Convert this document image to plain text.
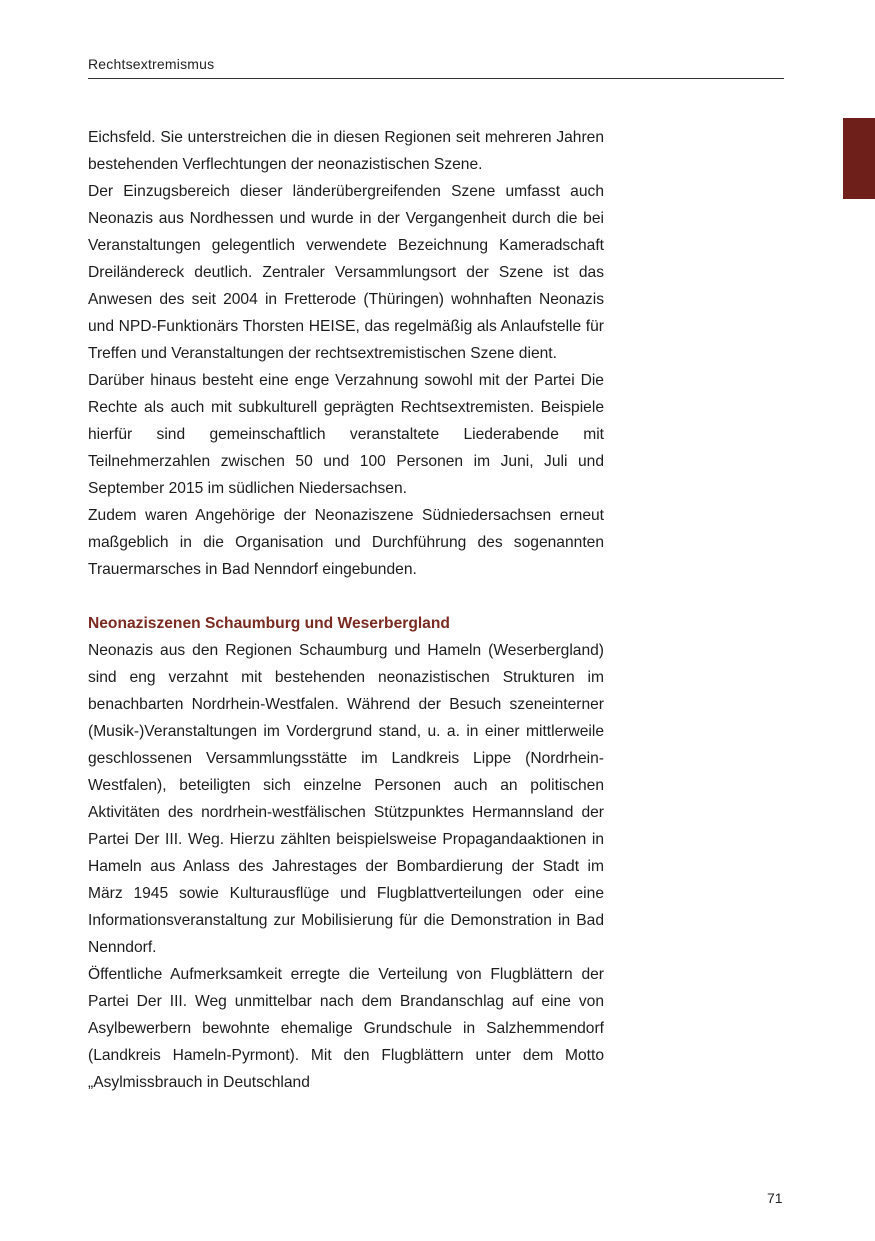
Rechtsextremismus

Eichsfeld. Sie unterstreichen die in diesen Regionen seit mehreren Jahren bestehenden Verflechtungen der neonazistischen Szene.

Der Einzugsbereich dieser länderübergreifenden Szene umfasst auch Neonazis aus Nordhessen und wurde in der Vergangenheit durch die bei Veranstaltungen gelegentlich verwendete Bezeichnung Kameradschaft Dreiländereck deutlich. Zentraler Versammlungsort der Szene ist das Anwesen des seit 2004 in Fretterode (Thüringen) wohnhaften Neonazis und NPD-Funktionärs Thorsten HEISE, das regelmäßig als Anlaufstelle für Treffen und Veranstaltungen der rechtsextremistischen Szene dient.

Darüber hinaus besteht eine enge Verzahnung sowohl mit der Partei Die Rechte als auch mit subkulturell geprägten Rechtsextremisten. Beispiele hierfür sind gemeinschaftlich veranstaltete Liederabende mit Teilnehmerzahlen zwischen 50 und 100 Personen im Juni, Juli und September 2015 im südlichen Niedersachsen.

Zudem waren Angehörige der Neonaziszene Südniedersachsen erneut maßgeblich in die Organisation und Durchführung des sogenannten Trauermarsches in Bad Nenndorf eingebunden.

Neonaziszenen Schaumburg und Weserbergland

Neonazis aus den Regionen Schaumburg und Hameln (Weserbergland) sind eng verzahnt mit bestehenden neonazistischen Strukturen im benachbarten Nordrhein-Westfalen. Während der Besuch szeneinterner (Musik-)Veranstaltungen im Vordergrund stand, u. a. in einer mittlerweile geschlossenen Versammlungsstätte im Landkreis Lippe (Nordrhein-Westfalen), beteiligten sich einzelne Personen auch an politischen Aktivitäten des nordrhein-westfälischen Stützpunktes Hermannsland der Partei Der III. Weg. Hierzu zählten beispielsweise Propagandaaktionen in Hameln aus Anlass des Jahrestages der Bombardierung der Stadt im März 1945 sowie Kulturausflüge und Flugblattverteilungen oder eine Informationsveranstaltung zur Mobilisierung für die Demonstration in Bad Nenndorf.

Öffentliche Aufmerksamkeit erregte die Verteilung von Flugblättern der Partei Der III. Weg unmittelbar nach dem Brandanschlag auf eine von Asylbewerbern bewohnte ehemalige Grundschule in Salzhemmendorf (Landkreis Hameln-Pyrmont). Mit den Flugblättern unter dem Motto „Asylmissbrauch in Deutschland

71
